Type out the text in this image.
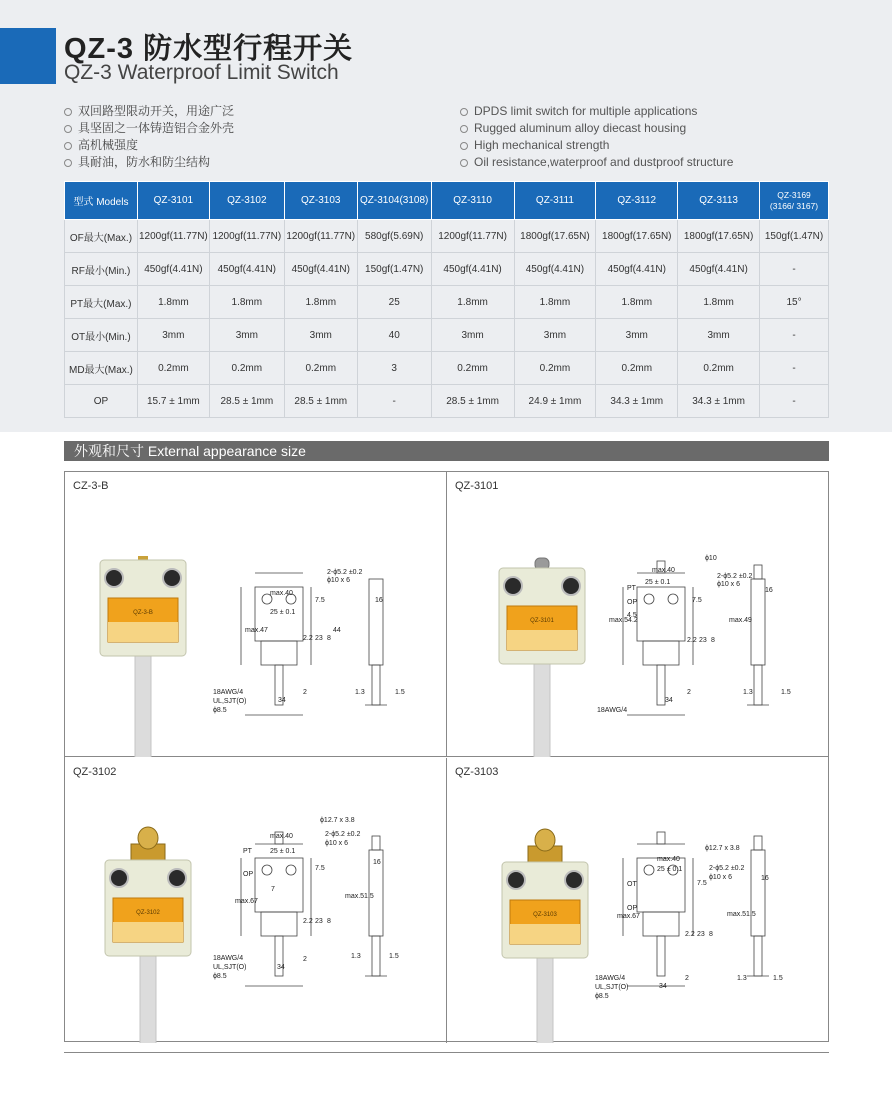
QZ-3 防水型行程开关
QZ-3 Waterproof Limit Switch
双回路型限动开关，用途广泛
具坚固之一体铸造铝合金外壳
高机械强度
具耐油，防水和防尘结构
DPDS limit switch for multiple applications
Rugged aluminum alloy diecast housing
High mechanical strength
Oil resistance,waterproof and dustproof structure
型式 Models	QZ-3101	QZ-3102	QZ-3103	QZ-3104(3108)	QZ-3110	QZ-3111	QZ-3112	QZ-3113	QZ-3169
(3166/ 3167)

OF最大(Max.)	1200gf(11.77N)	1200gf(11.77N)	1200gf(11.77N)	580gf(5.69N)	1200gf(11.77N)	1800gf(17.65N)	1800gf(17.65N)	1800gf(17.65N)	150gf(1.47N)
RF最小(Min.)	450gf(4.41N)	450gf(4.41N)	450gf(4.41N)	150gf(1.47N)	450gf(4.41N)	450gf(4.41N)	450gf(4.41N)	450gf(4.41N)	-
PT最大(Max.)	1.8mm	1.8mm	1.8mm	25	1.8mm	1.8mm	1.8mm	1.8mm	15°
OT最小(Min.)	3mm	3mm	3mm	40	3mm	3mm	3mm	3mm	-
MD最大(Max.)	0.2mm	0.2mm	0.2mm	3	0.2mm	0.2mm	0.2mm	0.2mm	-
OP	15.7 ± 1mm	28.5 ± 1mm	28.5 ± 1mm	-	28.5 ± 1mm	24.9 ± 1mm	34.3 ± 1mm	34.3 ± 1mm	-
外观和尺寸 External appearance size
CZ-3-B
QZ-3-B
2-ϕ5.2 ±0.2
ϕ10 x 6
max.40
25 ± 0.1
7.5
max.47
2.2 23 8
44
16
18AWG/4
UL,SJT(O)
ϕ8.5
34
2	1.3	1.5
QZ-3101
QZ-3101
ϕ10
max.40
2-ϕ5.2 ±0.2
ϕ10 x 6
25 ± 0.1
PT
OP
4.5
7.5
max.54.2
2.2 23 8
max.49
16
18AWG/4
34
2	1.3	1.5
QZ-3102
QZ-3102
ϕ12.7 x 3.8
max.40	2-ϕ5.2 ±0.2
ϕ10 x 6
PT	25 ± 0.1
OP
7.5
7
max.67
2.2 23 8
max.51.5
16
18AWG/4
UL,SJT(O)
ϕ8.5
34
2	1.3	1.5
QZ-3103
QZ-3103
max.40
ϕ12.7 x 3.8
25 ± 0.1	2-ϕ5.2 ±0.2
ϕ10 x 6
OT	7.5
OP
max.67
2.2 23 8
max.51.5
16
18AWG/4
UL,SJT(O)
ϕ8.5
34
2	1.3	1.5
